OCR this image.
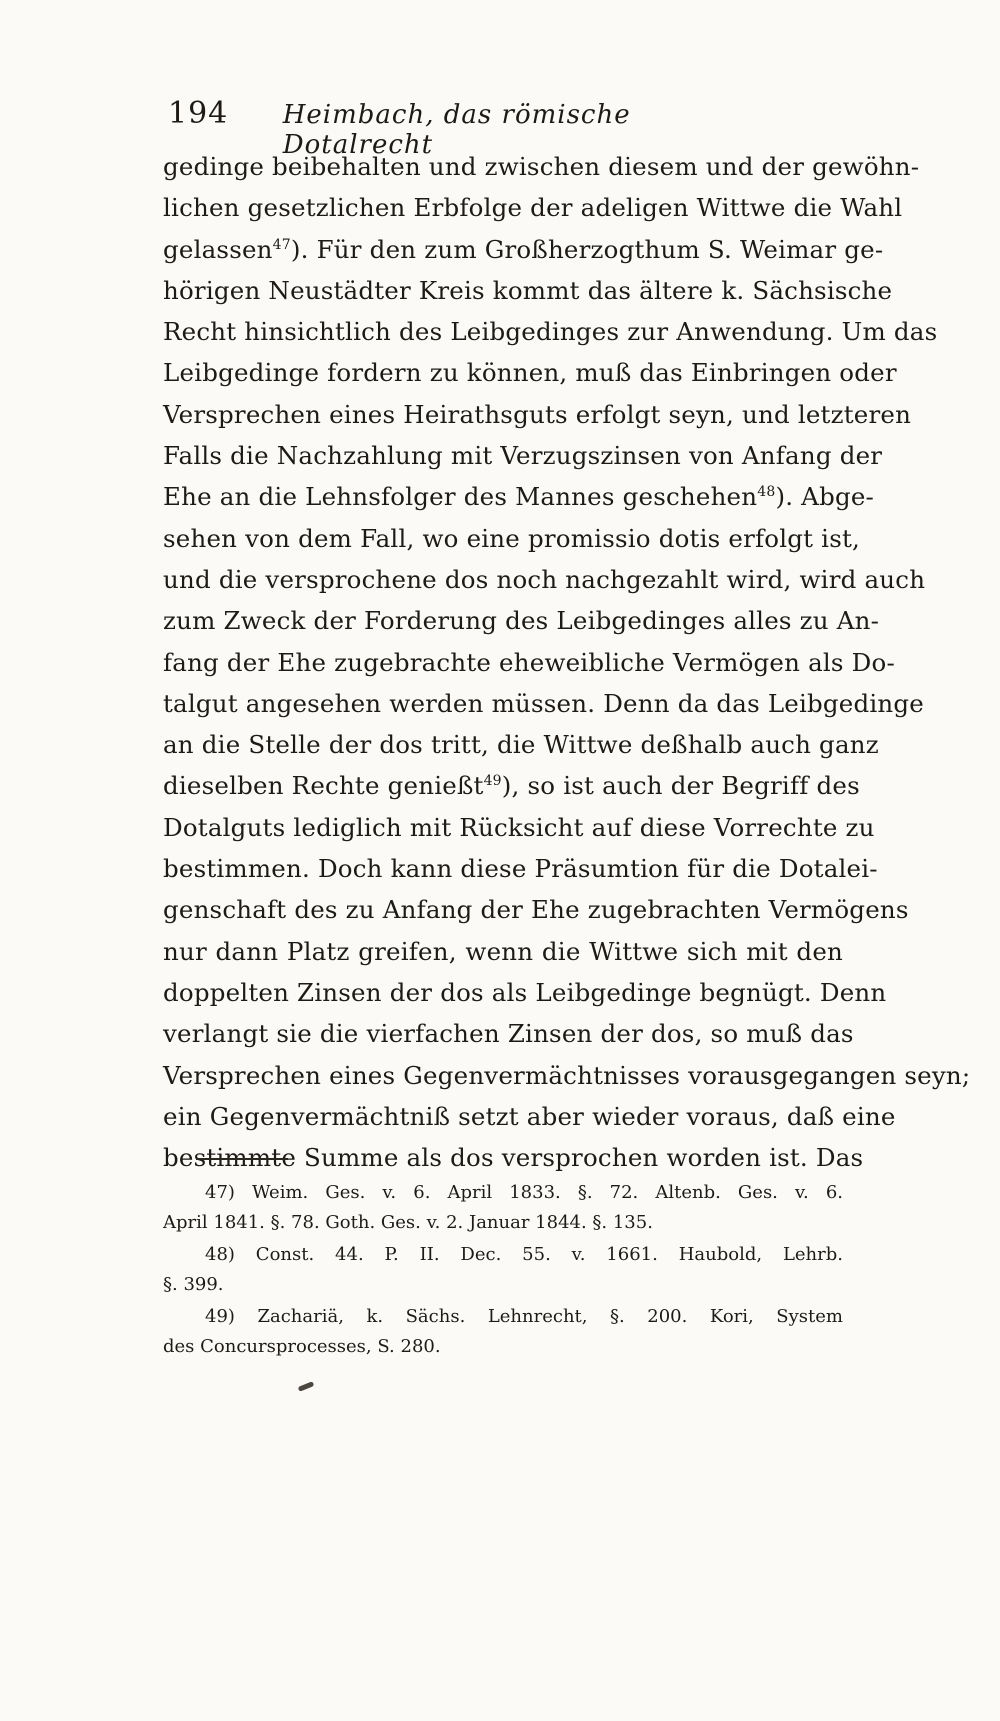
194	Heimbach, das römische Dotalrecht
gedinge beibehalten und zwischen diesem und der gewöhn-
lichen gesetzlichen Erbfolge der adeligen Wittwe die Wahl
gelassen$^{47}$). Für den zum Großherzogthum S. Weimar ge-
hörigen Neustädter Kreis kommt das ältere k. Sächsische
Recht hinsichtlich des Leibgedinges zur Anwendung. Um das
Leibgedinge fordern zu können, muß das Einbringen oder
Versprechen eines Heirathsguts erfolgt seyn, und letzteren
Falls die Nachzahlung mit Verzugszinsen von Anfang der
Ehe an die Lehnsfolger des Mannes geschehen$^{48}$). Abge-
sehen von dem Fall, wo eine promissio dotis erfolgt ist,
und die versprochene dos noch nachgezahlt wird, wird auch
zum Zweck der Forderung des Leibgedinges alles zu An-
fang der Ehe zugebrachte eheweibliche Vermögen als Do-
talgut angesehen werden müssen. Denn da das Leibgedinge
an die Stelle der dos tritt, die Wittwe deßhalb auch ganz
dieselben Rechte genießt$^{49}$), so ist auch der Begriff des
Dotalguts lediglich mit Rücksicht auf diese Vorrechte zu
bestimmen. Doch kann diese Präsumtion für die Dotalei-
genschaft des zu Anfang der Ehe zugebrachten Vermögens
nur dann Platz greifen, wenn die Wittwe sich mit den
doppelten Zinsen der dos als Leibgedinge begnügt. Denn
verlangt sie die vierfachen Zinsen der dos, so muß das
Versprechen eines Gegenvermächtnisses vorausgegangen seyn;
ein Gegenvermächtniß setzt aber wieder voraus, daß eine
bestimmte Summe als dos versprochen worden ist. Das
47) Weim. Ges. v. 6. April 1833. §. 72. Altenb. Ges. v. 6.
April 1841. §. 78. Goth. Ges. v. 2. Januar 1844. §. 135.
48) Const. 44. P. II. Dec. 55. v. 1661. Haubold, Lehrb.
§. 399.
49) Zachariä, k. Sächs. Lehnrecht, §. 200. Kori, System
des Concursprocesses, S. 280.
